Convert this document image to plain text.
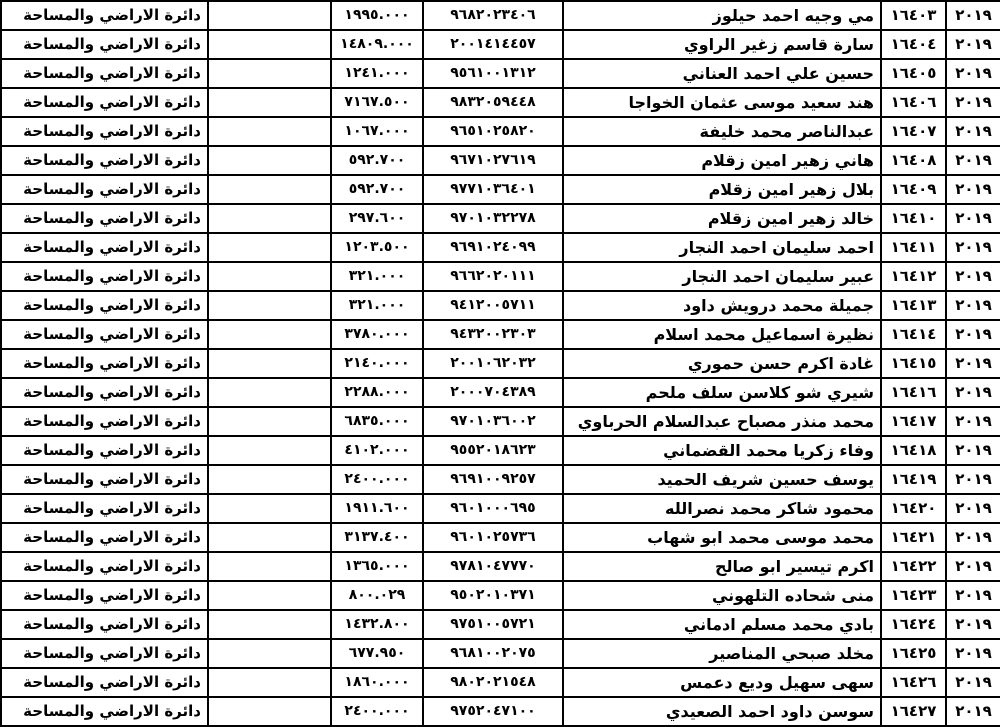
٢٠١٩	١٦٤٠٣	مي وجيه احمد حيلوز	٩٦٨٢٠٢٣٤٠٦	١٩٩٥.٠٠٠		دائرة الاراضي والمساحة
٢٠١٩	١٦٤٠٤	سارة قاسم زغير الراوي	٢٠٠١٤١٤٤٥٧	١٤٨٠٩.٠٠٠		دائرة الاراضي والمساحة
٢٠١٩	١٦٤٠٥	حسين علي احمد العناني	٩٥٦١٠٠١٣١٢	١٢٤١.٠٠٠		دائرة الاراضي والمساحة
٢٠١٩	١٦٤٠٦	هند سعيد موسى عثمان الخواجا	٩٨٣٢٠٥٩٤٤٨	٧١٦٧.٥٠٠		دائرة الاراضي والمساحة
٢٠١٩	١٦٤٠٧	عبدالناصر محمد خليفة	٩٦٥١٠٢٥٨٢٠	١٠٦٧.٠٠٠		دائرة الاراضي والمساحة
٢٠١٩	١٦٤٠٨	هاني زهير امين زقلام	٩٦٧١٠٢٧٦١٩	٥٩٢.٧٠٠		دائرة الاراضي والمساحة
٢٠١٩	١٦٤٠٩	بلال زهير امين زقلام	٩٧٧١٠٣٦٤٠١	٥٩٢.٧٠٠		دائرة الاراضي والمساحة
٢٠١٩	١٦٤١٠	خالد زهير امين زقلام	٩٧٠١٠٣٢٢٧٨	٢٩٧.٦٠٠		دائرة الاراضي والمساحة
٢٠١٩	١٦٤١١	احمد سليمان احمد النجار	٩٦٩١٠٢٤٠٩٩	١٢٠٣.٥٠٠		دائرة الاراضي والمساحة
٢٠١٩	١٦٤١٢	عبير سليمان احمد النجار	٩٦٦٢٠٢٠١١١	٣٢١.٠٠٠		دائرة الاراضي والمساحة
٢٠١٩	١٦٤١٣	جميلة محمد درويش داود	٩٤١٢٠٠٥٧١١	٣٢١.٠٠٠		دائرة الاراضي والمساحة
٢٠١٩	١٦٤١٤	نظيرة اسماعيل محمد اسلام	٩٤٣٢٠٠٢٣٠٣	٣٧٨٠.٠٠٠		دائرة الاراضي والمساحة
٢٠١٩	١٦٤١٥	غادة اكرم حسن حموري	٢٠٠١٠٦٢٠٣٢	٢١٤٠.٠٠٠		دائرة الاراضي والمساحة
٢٠١٩	١٦٤١٦	شيري شو كلاسن سلف ملحم	٢٠٠٠٧٠٤٣٨٩	٢٢٨٨.٠٠٠		دائرة الاراضي والمساحة
٢٠١٩	١٦٤١٧	محمد منذر مصباح عبدالسلام الحرباوي	٩٧٠١٠٣٦٠٠٢	٦٨٣٥.٠٠٠		دائرة الاراضي والمساحة
٢٠١٩	١٦٤١٨	وفاء زكريا محمد القضماني	٩٥٥٢٠١٨٦٢٣	٤١٠٢.٠٠٠		دائرة الاراضي والمساحة
٢٠١٩	١٦٤١٩	يوسف حسين شريف الحميد	٩٦٩١٠٠٩٢٥٧	٢٤٠٠.٠٠٠		دائرة الاراضي والمساحة
٢٠١٩	١٦٤٢٠	محمود شاكر محمد نصرالله	٩٦٠١٠٠٠٦٩٥	١٩١١.٦٠٠		دائرة الاراضي والمساحة
٢٠١٩	١٦٤٢١	محمد موسى محمد ابو شهاب	٩٦٠١٠٢٥٧٣٦	٣١٣٧.٤٠٠		دائرة الاراضي والمساحة
٢٠١٩	١٦٤٢٢	اكرم تيسير ابو صالح	٩٧٨١٠٤٧٧٧٠	١٣٦٥.٠٠٠		دائرة الاراضي والمساحة
٢٠١٩	١٦٤٢٣	منى شحاده التلهوني	٩٥٠٢٠١٠٣٧١	٨٠٠.٠٢٩		دائرة الاراضي والمساحة
٢٠١٩	١٦٤٢٤	بادي محمد مسلم ادماني	٩٧٥١٠٠٥٧٢١	١٤٣٢.٨٠٠		دائرة الاراضي والمساحة
٢٠١٩	١٦٤٢٥	مخلد صبحي المناصير	٩٦٨١٠٠٢٠٧٥	٦٧٧.٩٥٠		دائرة الاراضي والمساحة
٢٠١٩	١٦٤٢٦	سهى سهيل وديع دعمس	٩٨٠٢٠٢١٥٤٨	١٨٦٠.٠٠٠		دائرة الاراضي والمساحة
٢٠١٩	١٦٤٢٧	سوسن داود احمد الصعيدي	٩٧٥٢٠٤٧١٠٠	٢٤٠٠.٠٠٠		دائرة الاراضي والمساحة
